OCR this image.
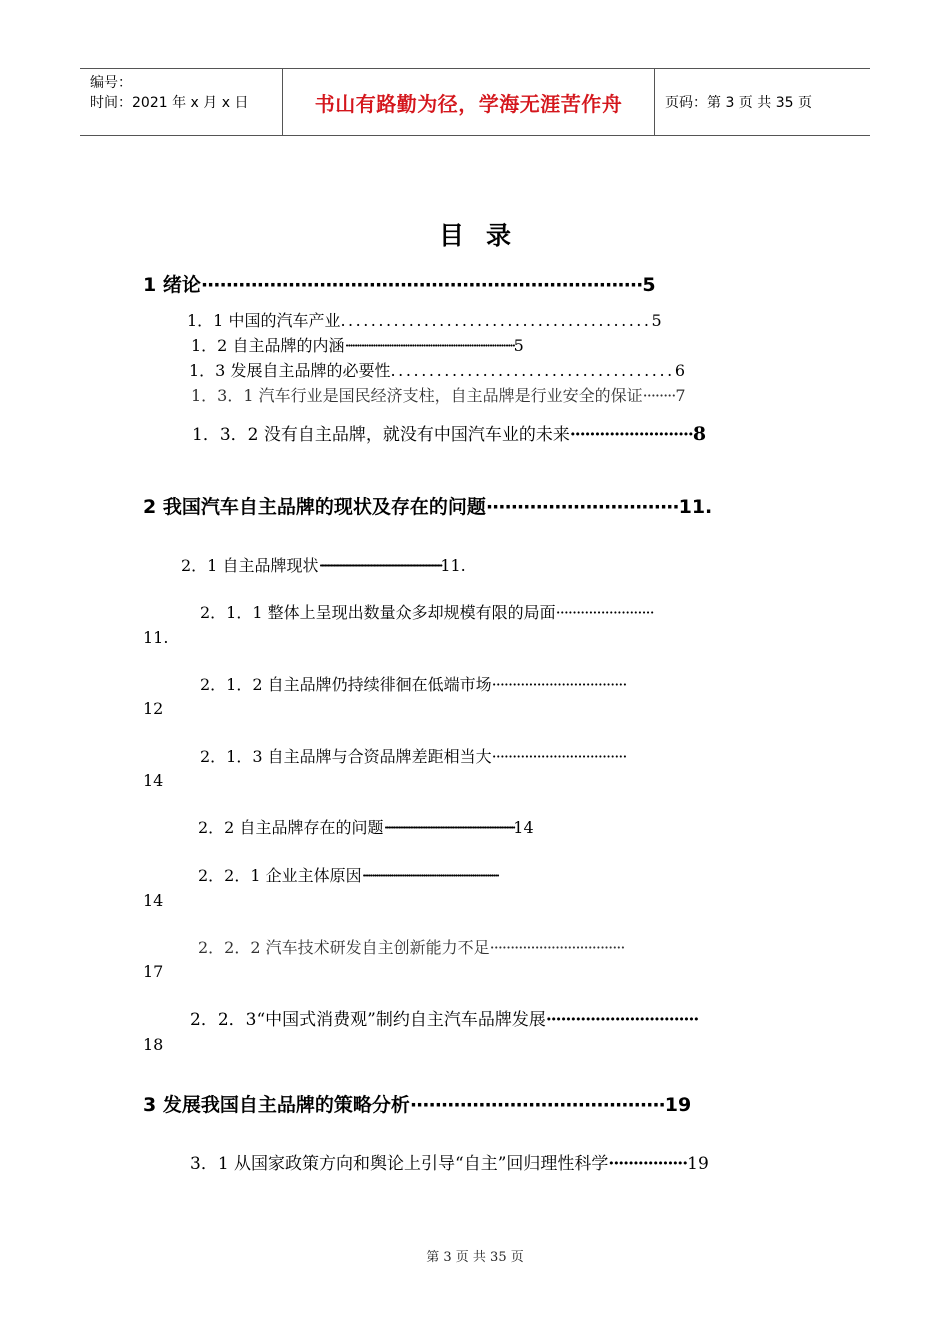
编号：
时间：2021 年 x 月 x 日	书山有路勤为径，学海无涯苦作舟	页码：第 3 页 共 35 页
目 录
1 绪论·······································································5
1．1 中国的汽车产业.........................................5
1．2 自主品牌的内涵··········································································5
1．3 发展自主品牌的必要性.....................................6
1．3．1 汽车行业是国民经济支柱，自主品牌是行业安全的保证········7
1．3．2 没有自主品牌，就没有中国汽车业的未来·························8
2 我国汽车自主品牌的现状及存在的问题·······························11.
2．1 自主品牌现状··················································································11.
2．1．1 整体上呈现出数量众多却规模有限的局面························
11.
2．1．2 自主品牌仍持续徘徊在低端市场·································
12
2．1．3 自主品牌与合资品牌差距相当大·································
14
2．2 自主品牌存在的问题·············································································14
2．2．1 企业主体原因········································································
14
2．2．2 汽车技术研发自主创新能力不足·································
17
2．2．3“中国式消费观”制约自主汽车品牌发展·······························
18
3 发展我国自主品牌的策略分析·········································19
3．1 从国家政策方向和舆论上引导“自主”回归理性科学················19
第 3 页 共 35 页
